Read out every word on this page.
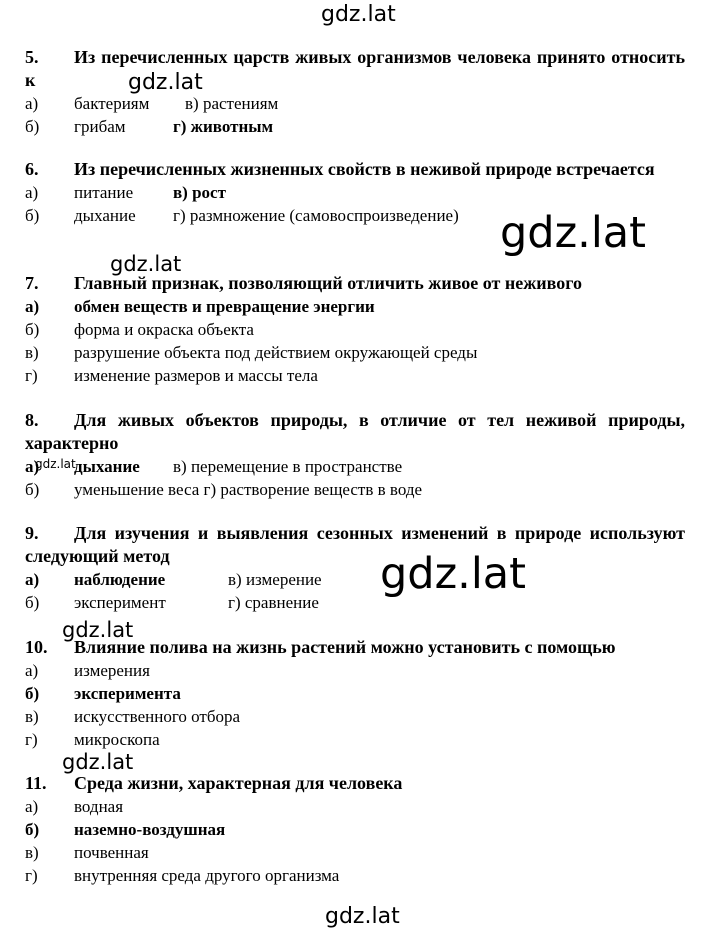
gdz.lat
gdz.lat
gdz.lat
gdz.lat
gdz.lat
gdz.lat
gdz.lat
gdz.lat

5. Из перечисленных царств живых организмов человека принято относить к

а) бактериям в) растениям
б) грибам	г) животным

6. Из перечисленных жизненных свойств в неживой природе встречается

а) питание в) рост
б) дыхание г) размножение (самовоспроизведение)

7. Главный признак, позволяющий отличить живое от неживого

а) обмен веществ и превращение энергии
б) форма и окраска объекта
в) разрушение объекта под действием окружающей среды
г) изменение размеров и массы тела

8. Для живых объектов природы, в отличие от тел неживой природы, характерно

а)
gdz.lat
дыхание в) перемещение в пространстве
б) уменьшение веса г) растворение веществ в воде

9. Для изучения и выявления сезонных изменений в природе используют следующий метод

а) наблюдение	в) измерение
б) эксперимент	г) сравнение

10. Влияние полива на жизнь растений можно установить с помощью

а) измерения
б) эксперимента
в) искусственного отбора
г) микроскопа

11. Среда жизни, характерная для человека

а) водная
б) наземно-воздушная
в) почвенная
г) внутренняя среда другого организма
